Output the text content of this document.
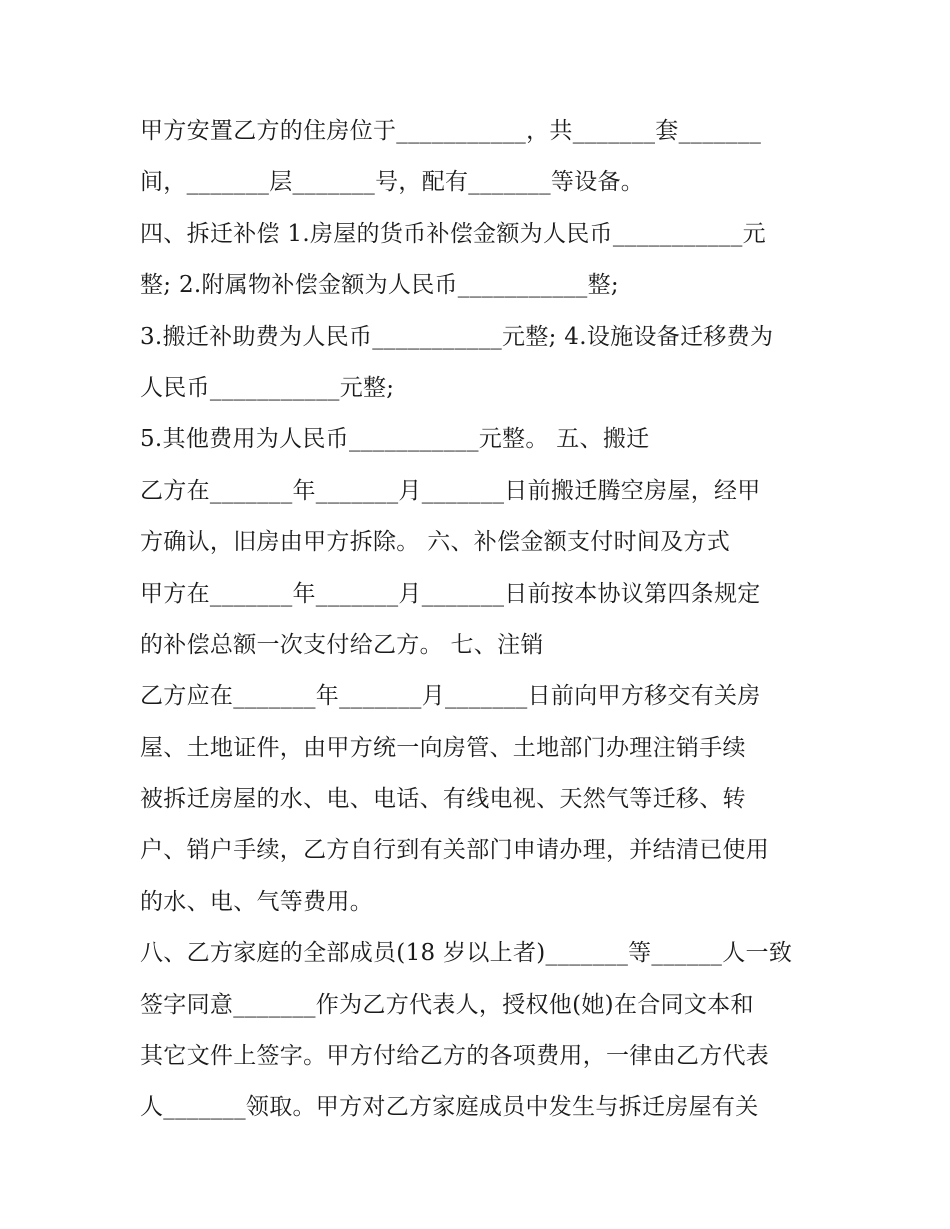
甲方安置乙方的住房位于___________，共_______套_______
间，_______层_______号，配有_______等设备。
四、拆迁补偿 1.房屋的货币补偿金额为人民币___________元
整; 2.附属物补偿金额为人民币___________整;
3.搬迁补助费为人民币___________元整; 4.设施设备迁移费为
人民币___________元整;
5.其他费用为人民币___________元整。 五、搬迁
乙方在_______年_______月_______日前搬迁腾空房屋，经甲
方确认，旧房由甲方拆除。 六、补偿金额支付时间及方式
甲方在_______年_______月_______日前按本协议第四条规定
的补偿总额一次支付给乙方。 七、注销
乙方应在_______年_______月_______日前向甲方移交有关房
屋、土地证件，由甲方统一向房管、土地部门办理注销手续
被拆迁房屋的水、电、电话、有线电视、天然气等迁移、转
户、销户手续，乙方自行到有关部门申请办理，并结清已使用
的水、电、气等费用。
八、乙方家庭的全部成员(18 岁以上者)_______等______人一致
签字同意_______作为乙方代表人，授权他(她)在合同文本和
其它文件上签字。甲方付给乙方的各项费用，一律由乙方代表
人_______领取。甲方对乙方家庭成员中发生与拆迁房屋有关
